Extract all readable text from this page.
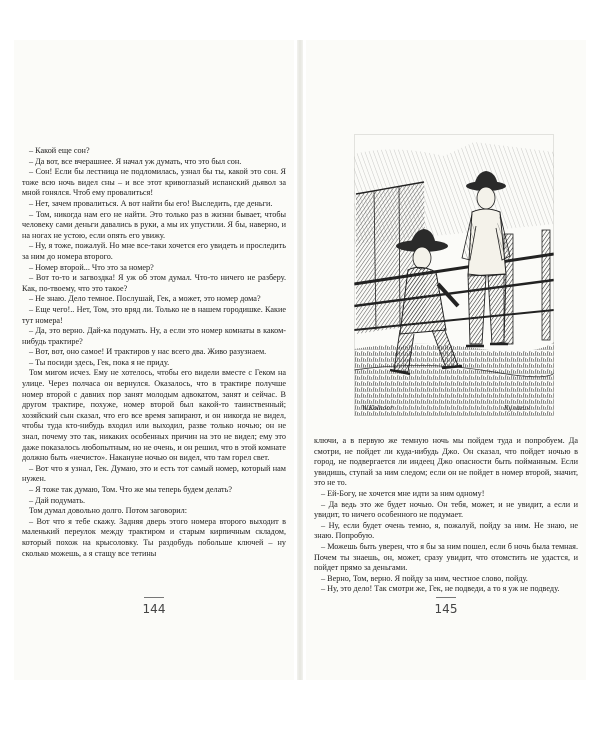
– Какой еще сон?

– Да вот, все вчерашнее. Я начал уж думать, что это был сон.

– Сон! Если бы лестница не подломилась, узнал бы ты, какой это сон. Я тоже всю ночь видел сны – и все этот кривоглазый испанский дьявол за мной гонялся. Чтоб ему провалиться!

– Нет, зачем провалиться. А вот найти бы его! Выследить, где деньги.

– Том, никогда нам его не найти. Это только раз в жизни бывает, чтобы человеку сами деньги давались в руки, а мы их упустили. Я бы, наверно, и на ногах не устою, если опять его увижу.

– Ну, я тоже, пожалуй. Но мне все-таки хочется его увидеть и проследить за ним до номера второго.

– Номер второй... Что это за номер?

– Вот то-то и загвоздка! Я уж об этом думал. Что-то ничего не разберу. Как, по-твоему, что это такое?

– Не знаю. Дело темное. Послушай, Гек, а может, это номер дома?

– Еще чего!.. Нет, Том, это вряд ли. Только не в нашем городишке. Какие тут номера!

– Да, это верно. Дай-ка подумать. Ну, а если это номер комнаты в каком-нибудь трактире?

– Вот, вот, оно самое! И трактиров у нас всего два. Живо разузнаем.

– Ты посиди здесь, Гек, пока я не приду.

Том мигом исчез. Ему не хотелось, чтобы его видели вместе с Геком на улице. Через полчаса он вернулся. Оказалось, что в трактире получше номер второй с давних пор занят молодым адвокатом, занят и сейчас. В другом трактире, похуже, номер второй был какой-то таинственный; хозяйский сын сказал, что его все время запирают, и он никогда не видел, чтобы туда кто-нибудь входил или выходил, разве только ночью; он не знал, почему это так, никаких особенных причин на это не видел; ему это даже показалось любопытным, но не очень, и он решил, что в этой комнате должно быть «нечисто». Накануне ночью он видел, что там горел свет.

– Вот что я узнал, Гек. Думаю, это и есть тот самый номер, который нам нужен.

– Я тоже так думаю, Том. Что же мы теперь будем делать?

– Дай подумать.

Том думал довольно долго. Потом заговорил:

– Вот что я тебе скажу. Задняя дверь этого номера второго выходит в маленький переулок между трактиром и старым кирпичным складом, который похож на крысоловку. Ты раздобудь побольше ключей – ну сколько можешь, а я стащу все тетины

144
W.Kolnoor	Кулагин

ключи, а в первую же темную ночь мы пойдем туда и попробуем. Да смотри, не пойдет ли куда-нибудь Джо. Он сказал, что пойдет ночью в город, не подвергается ли индеец Джо опасности быть пойманным. Если увидишь, ступай за ним следом; если он не пойдет в номер второй, значит, это не то.

– Ей-Богу, не хочется мне идти за ним одному!

– Да ведь это же будет ночью. Он тебя, может, и не увидит, а если и увидит, то ничего особенного не подумает.

– Ну, если будет очень темно, я, пожалуй, пойду за ним. Не знаю, не знаю. Попробую.

– Можешь быть уверен, что я бы за ним пошел, если б ночь была темная. Почем ты знаешь, он, может, сразу увидит, что отомстить не удастся, и пойдет прямо за деньгами.

– Верно, Том, верно. Я пойду за ним, честное слово, пойду.

– Ну, это дело! Так смотри же, Гек, не подведи, а то я уж не подведу.

145
